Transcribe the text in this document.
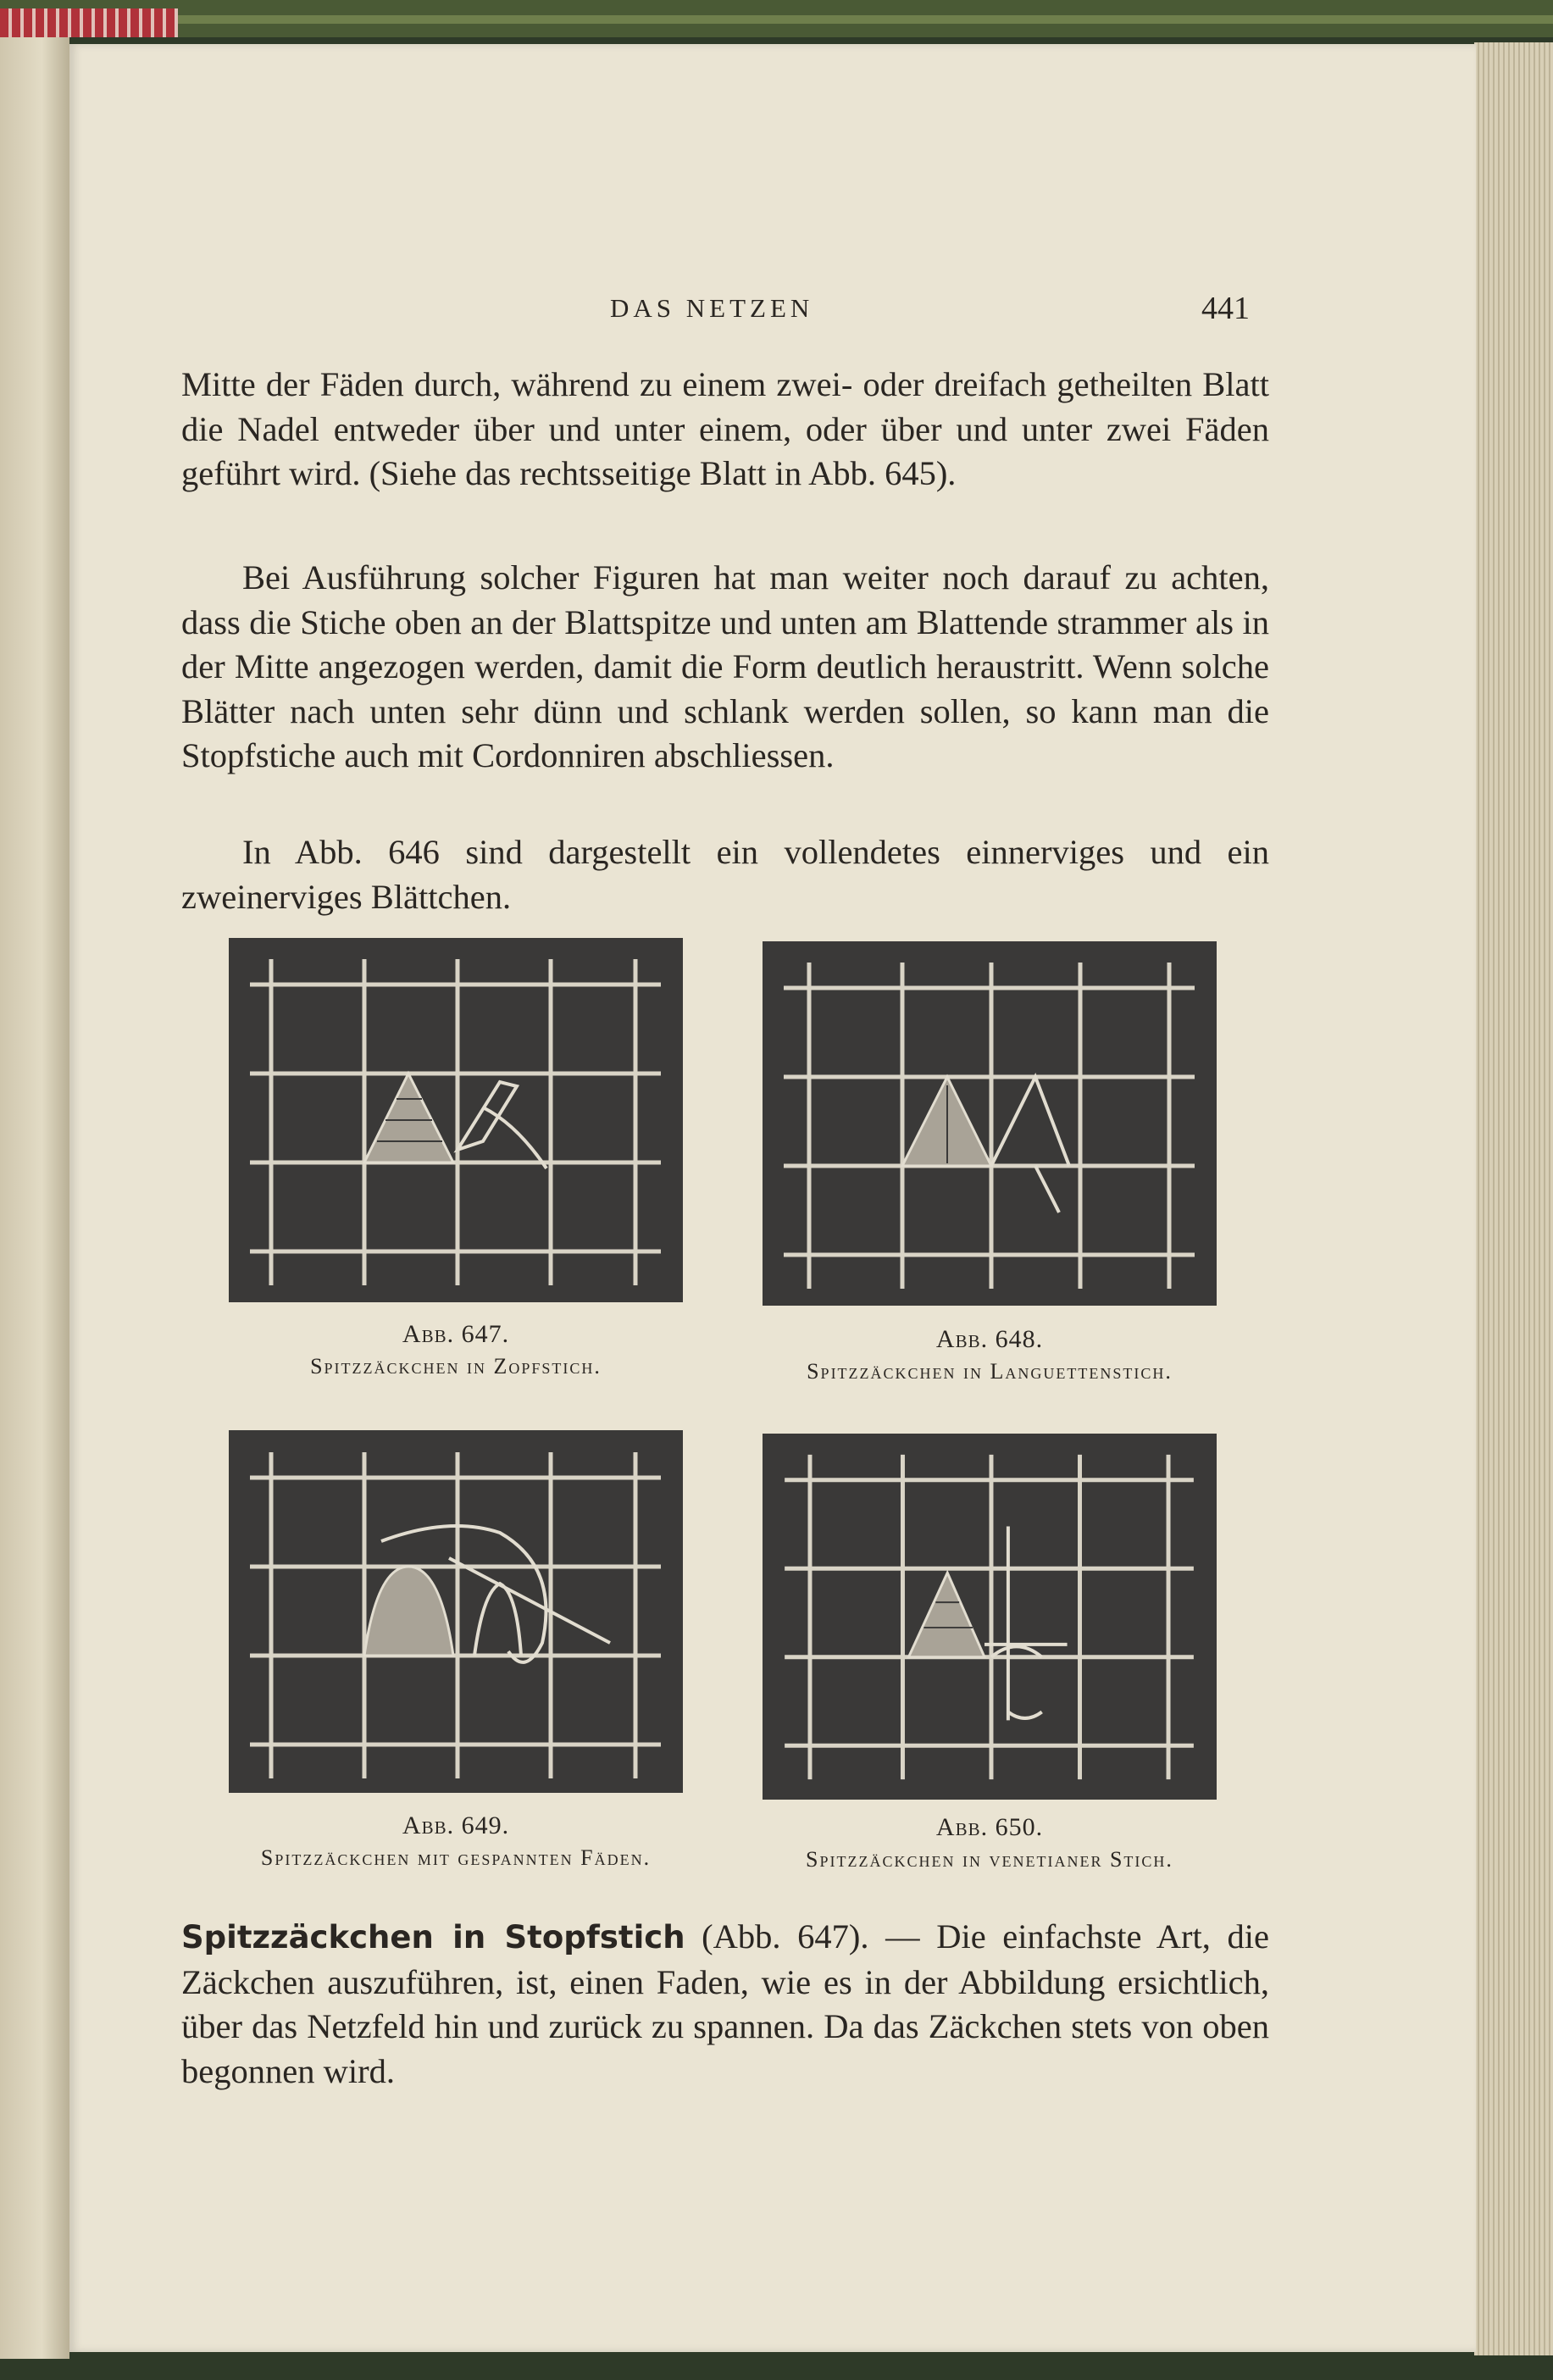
DAS NETZEN	441

Mitte der Fäden durch, während zu einem zwei- oder dreifach getheilten Blatt die Nadel entweder über und unter einem, oder über und unter zwei Fäden geführt wird. (Siehe das rechtsseitige Blatt in Abb. 645).

Bei Ausführung solcher Figuren hat man weiter noch darauf zu achten, dass die Stiche oben an der Blattspitze und unten am Blattende strammer als in der Mitte angezogen werden, damit die Form deutlich heraustritt. Wenn solche Blätter nach unten sehr dünn und schlank werden sollen, so kann man die Stopfstiche auch mit Cordonniren abschliessen.

In Abb. 646 sind dargestellt ein vollendetes einnerviges und ein zweinerviges Blättchen.

Abb. 647.
Spitzzäckchen in Zopfstich.
Abb. 648.
Spitzzäckchen in Languettenstich.
Abb. 649.
Spitzzäckchen mit gespannten Fäden.
Abb. 650.
Spitzzäckchen in venetianer Stich.

Spitzzäckchen in Stopfstich (Abb. 647). — Die einfachste Art, die Zäckchen auszuführen, ist, einen Faden, wie es in der Abbildung ersichtlich, über das Netzfeld hin und zurück zu spannen. Da das Zäckchen stets von oben begonnen wird.
